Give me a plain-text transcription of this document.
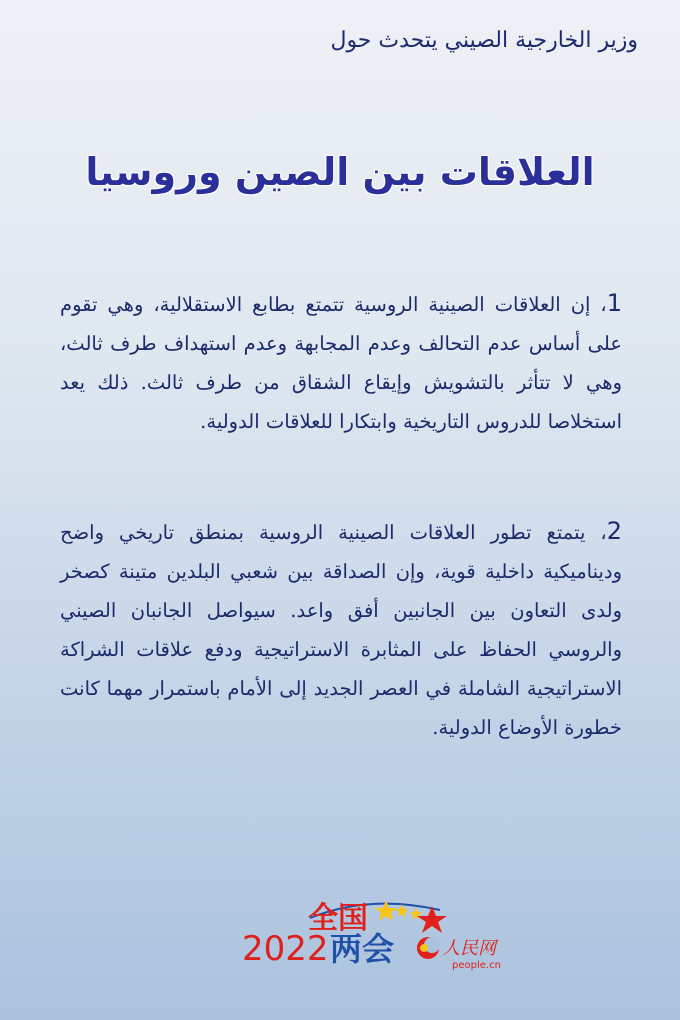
وزير الخارجية الصيني يتحدث حول
العلاقات بين الصين وروسيا
1، إن العلاقات الصينية الروسية تتمتع بطابع الاستقلالية، وهي تقوم على أساس عدم التحالف وعدم المجابهة وعدم استهداف طرف ثالث، وهي لا تتأثر بالتشويش وإيقاع الشقاق من طرف ثالث. ذلك يعد استخلاصا للدروس التاريخية وابتكارا للعلاقات الدولية.
2، يتمتع تطور العلاقات الصينية الروسية بمنطق تاريخي واضح وديناميكية داخلية قوية، وإن الصداقة بين شعبي البلدين متينة كصخر ولدى التعاون بين الجانبين أفق واعد. سيواصل الجانبان الصيني والروسي الحفاظ على المثابرة الاستراتيجية ودفع علاقات الشراكة الاستراتيجية الشاملة في العصر الجديد إلى الأمام باستمرار مهما كانت خطورة الأوضاع الدولية.
全国
2022 两会	人民网
people.cn
